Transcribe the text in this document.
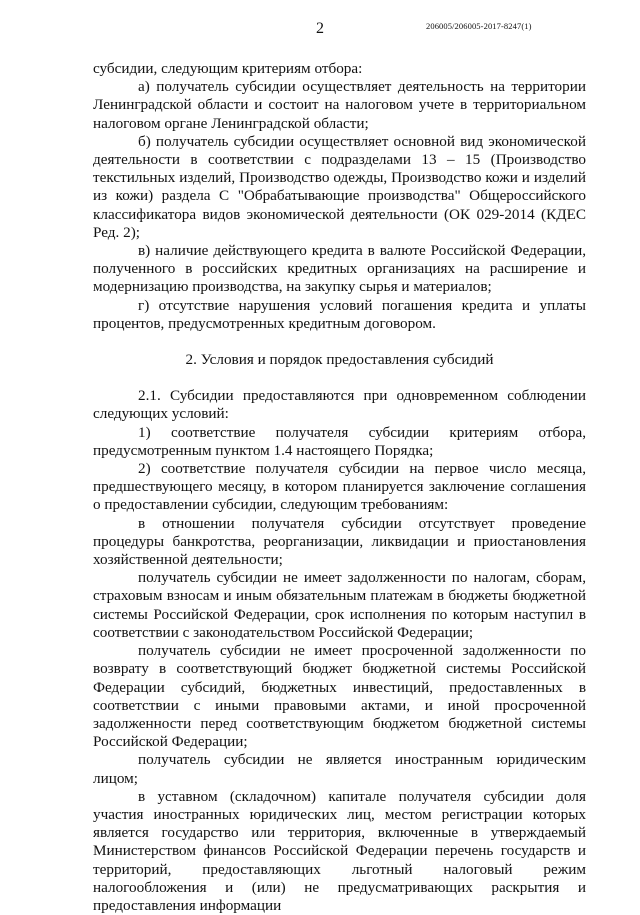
2	206005/206005-2017-8247(1)

субсидии, следующим критериям отбора:

а) получатель субсидии осуществляет деятельность на территории Ленинградской области и состоит на налоговом учете в территориальном налоговом органе Ленинградской области;

б) получатель субсидии осуществляет основной вид экономической деятельности в соответствии с подразделами 13 – 15 (Производство текстильных изделий, Производство одежды, Производство кожи и изделий из кожи) раздела С "Обрабатывающие производства" Общероссийского классификатора видов экономической деятельности (ОК 029-2014 (КДЕС Ред. 2);

в) наличие действующего кредита в валюте Российской Федерации, полученного в российских кредитных организациях на расширение и модернизацию производства, на закупку сырья и материалов;

г) отсутствие нарушения условий погашения кредита и уплаты процентов, предусмотренных кредитным договором.

2. Условия и порядок предоставления субсидий

2.1. Субсидии предоставляются при одновременном соблюдении следующих условий:

1) соответствие получателя субсидии критериям отбора, предусмотренным пунктом 1.4 настоящего Порядка;

2) соответствие получателя субсидии на первое число месяца, предшествующего месяцу, в котором планируется заключение соглашения о предоставлении субсидии, следующим требованиям:

в отношении получателя субсидии отсутствует проведение процедуры банкротства, реорганизации, ликвидации и приостановления хозяйственной деятельности;

получатель субсидии не имеет задолженности по налогам, сборам, страховым взносам и иным обязательным платежам в бюджеты бюджетной системы Российской Федерации, срок исполнения по которым наступил в соответствии с законодательством Российской Федерации;

получатель субсидии не имеет просроченной задолженности по возврату в соответствующий бюджет бюджетной системы Российской Федерации субсидий, бюджетных инвестиций, предоставленных в соответствии с иными правовыми актами, и иной просроченной задолженности перед соответствующим бюджетом бюджетной системы Российской Федерации;

получатель субсидии не является иностранным юридическим лицом;

в уставном (складочном) капитале получателя субсидии доля участия иностранных юридических лиц, местом регистрации которых является государство или территория, включенные в утверждаемый Министерством финансов Российской Федерации перечень государств и территорий, предоставляющих льготный налоговый режим налогообложения и (или) не предусматривающих раскрытия и предоставления информации
